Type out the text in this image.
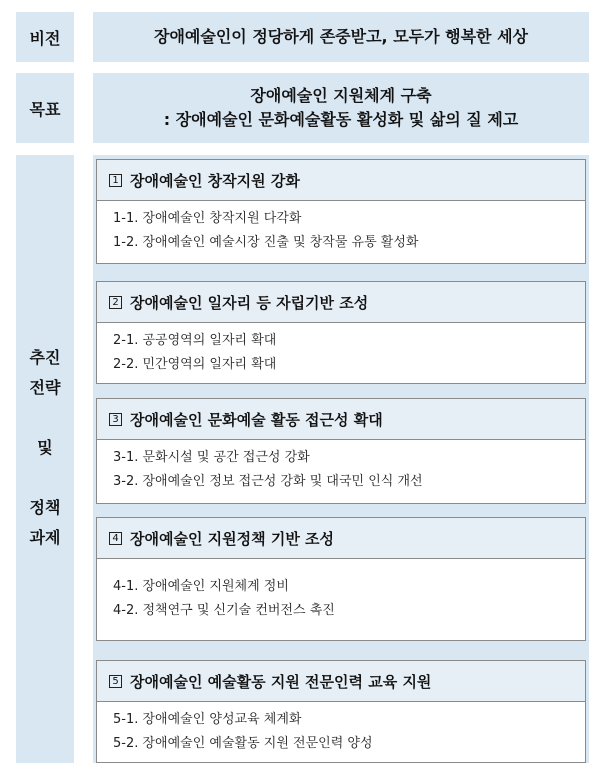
비전	장애예술인이 정당하게 존중받고, 모두가 행복한 세상
목표
장애예술인 지원체계 구축
: 장애예술인 문화예술활동 활성화 및 삶의 질 제고
추진
전략
및
정책
과제
1 장애예술인 창작지원 강화
1-1. 장애예술인 창작지원 다각화
1-2. 장애예술인 예술시장 진출 및 창작물 유통 활성화
2 장애예술인 일자리 등 자립기반 조성
2-1. 공공영역의 일자리 확대
2-2. 민간영역의 일자리 확대
3 장애예술인 문화예술 활동 접근성 확대
3-1. 문화시설 및 공간 접근성 강화
3-2. 장애예술인 정보 접근성 강화 및 대국민 인식 개선
4 장애예술인 지원정책 기반 조성
4-1. 장애예술인 지원체계 정비
4-2. 정책연구 및 신기술 컨버전스 촉진
5 장애예술인 예술활동 지원 전문인력 교육 지원
5-1. 장애예술인 양성교육 체계화
5-2. 장애예술인 예술활동 지원 전문인력 양성
